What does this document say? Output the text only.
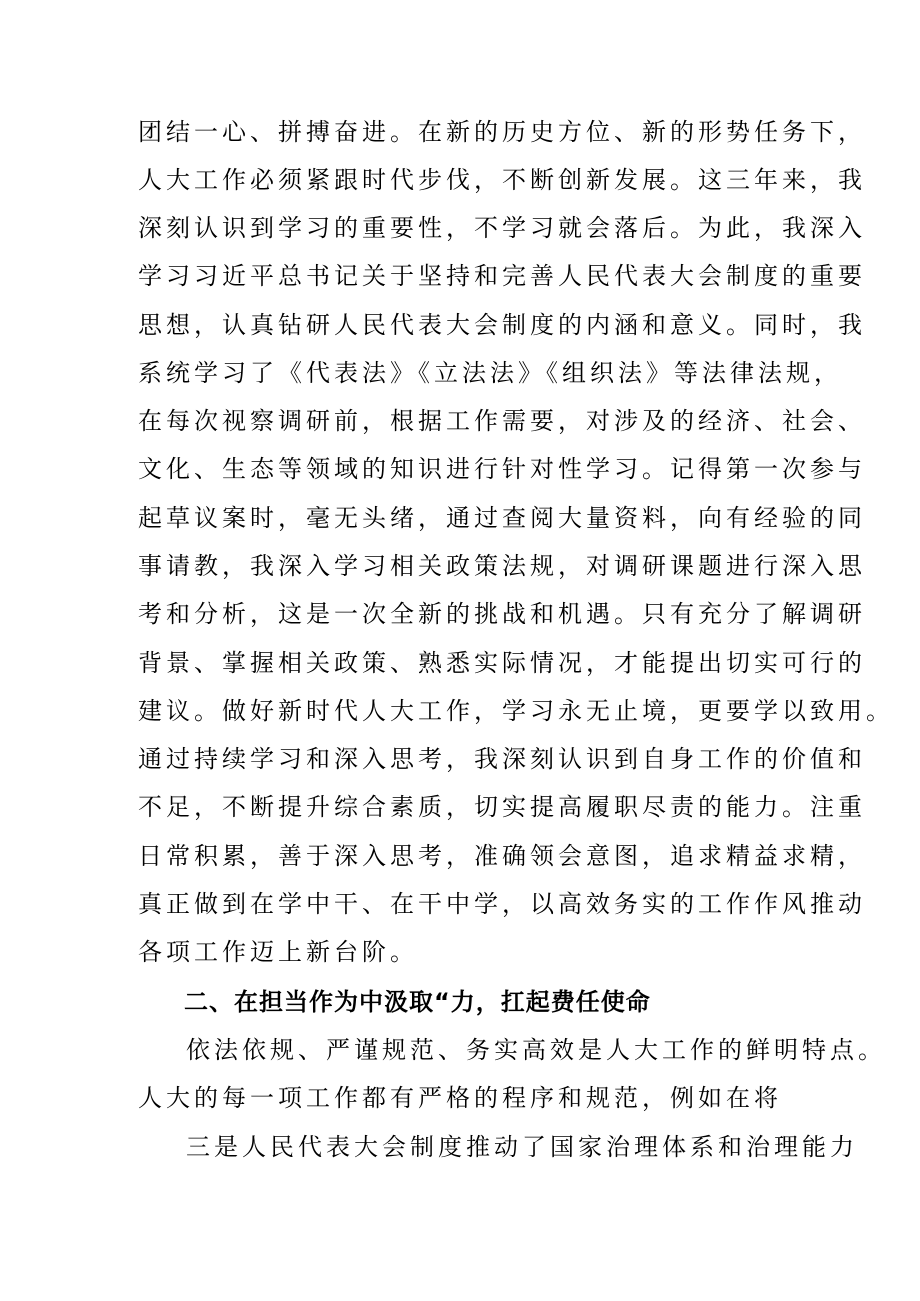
团结一心、拼搏奋进。在新的历史方位、新的形势任务下，

人大工作必须紧跟时代步伐，不断创新发展。这三年来，我

深刻认识到学习的重要性，不学习就会落后。为此，我深入

学习习近平总书记关于坚持和完善人民代表大会制度的重要

思想，认真钻研人民代表大会制度的内涵和意义。同时，我

系统学习了《代表法》《立法法》《组织法》等法律法规，

在每次视察调研前，根据工作需要，对涉及的经济、社会、

文化、生态等领域的知识进行针对性学习。记得第一次参与

起草议案时，毫无头绪，通过查阅大量资料，向有经验的同

事请教，我深入学习相关政策法规，对调研课题进行深入思

考和分析，这是一次全新的挑战和机遇。只有充分了解调研

背景、掌握相关政策、熟悉实际情况，才能提出切实可行的

建议。做好新时代人大工作，学习永无止境，更要学以致用。

通过持续学习和深入思考，我深刻认识到自身工作的价值和

不足，不断提升综合素质，切实提高履职尽责的能力。注重

日常积累，善于深入思考，准确领会意图，追求精益求精，

真正做到在学中干、在干中学，以高效务实的工作作风推动

各项工作迈上新台阶。

二、在担当作为中汲取“力，扛起费任使命

依法依规、严谨规范、务实高效是人大工作的鲜明特点。

人大的每一项工作都有严格的程序和规范，例如在将

三是人民代表大会制度推动了国家治理体系和治理能力
